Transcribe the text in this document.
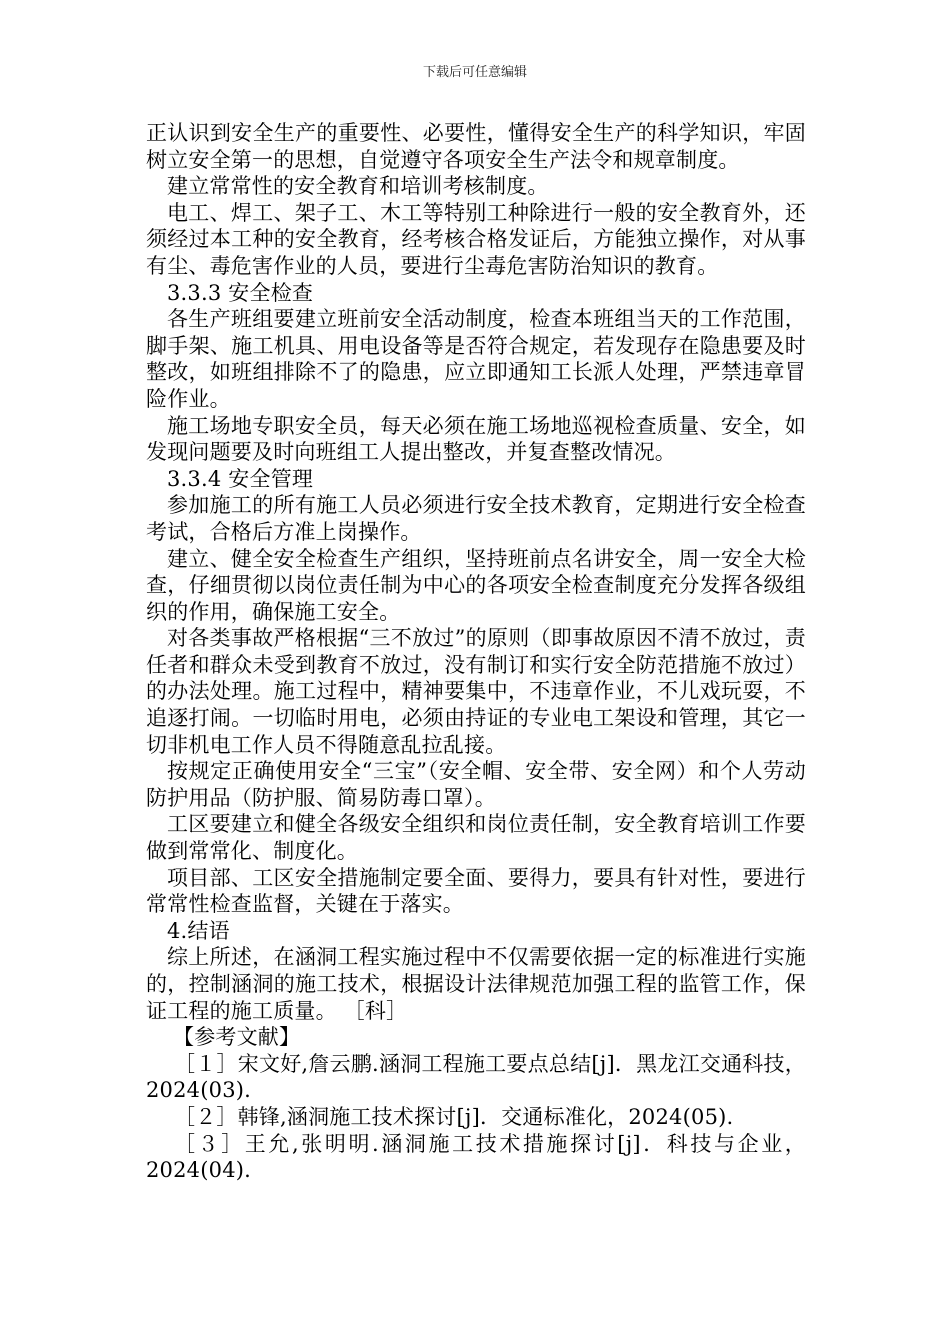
下载后可任意编辑

正认识到安全生产的重要性、必要性，懂得安全生产的科学知识，牢固树立安全第一的思想，自觉遵守各项安全生产法令和规章制度。

建立常常性的安全教育和培训考核制度。

电工、焊工、架子工、木工等特别工种除进行一般的安全教育外，还须经过本工种的安全教育，经考核合格发证后，方能独立操作，对从事有尘、毒危害作业的人员，要进行尘毒危害防治知识的教育。

3.3.3 安全检查

各生产班组要建立班前安全活动制度，检查本班组当天的工作范围，脚手架、施工机具、用电设备等是否符合规定，若发现存在隐患要及时整改，如班组排除不了的隐患，应立即通知工长派人处理，严禁违章冒险作业。

施工场地专职安全员，每天必须在施工场地巡视检查质量、安全，如发现问题要及时向班组工人提出整改，并复查整改情况。

3.3.4 安全管理

参加施工的所有施工人员必须进行安全技术教育，定期进行安全检查考试，合格后方准上岗操作。

建立、健全安全检查生产组织，坚持班前点名讲安全，周一安全大检查，仔细贯彻以岗位责任制为中心的各项安全检查制度充分发挥各级组织的作用，确保施工安全。

对各类事故严格根据“三不放过”的原则（即事故原因不清不放过，责任者和群众未受到教育不放过，没有制订和实行安全防范措施不放过）的办法处理。施工过程中，精神要集中，不违章作业，不儿戏玩耍，不追逐打闹。一切临时用电，必须由持证的专业电工架设和管理，其它一切非机电工作人员不得随意乱拉乱接。

按规定正确使用安全“三宝”（安全帽、安全带、安全网）和个人劳动防护用品（防护服、简易防毒口罩）。

工区要建立和健全各级安全组织和岗位责任制，安全教育培训工作要做到常常化、制度化。

项目部、工区安全措施制定要全面、要得力，要具有针对性，要进行常常性检查监督，关键在于落实。

4.结语

综上所述，在涵洞工程实施过程中不仅需要依据一定的标准进行实施的，控制涵洞的施工技术，根据设计法律规范加强工程的监管工作，保证工程的施工质量。 ［科］

【参考文献】

［１］宋文好,詹云鹏.涵洞工程施工要点总结[j]．黑龙江交通科技，2024(03).

［２］韩锋,涵洞施工技术探讨[j]．交通标准化，2024(05).

［３］王允,张明明.涵洞施工技术措施探讨[j]．科技与企业，2024(04).
